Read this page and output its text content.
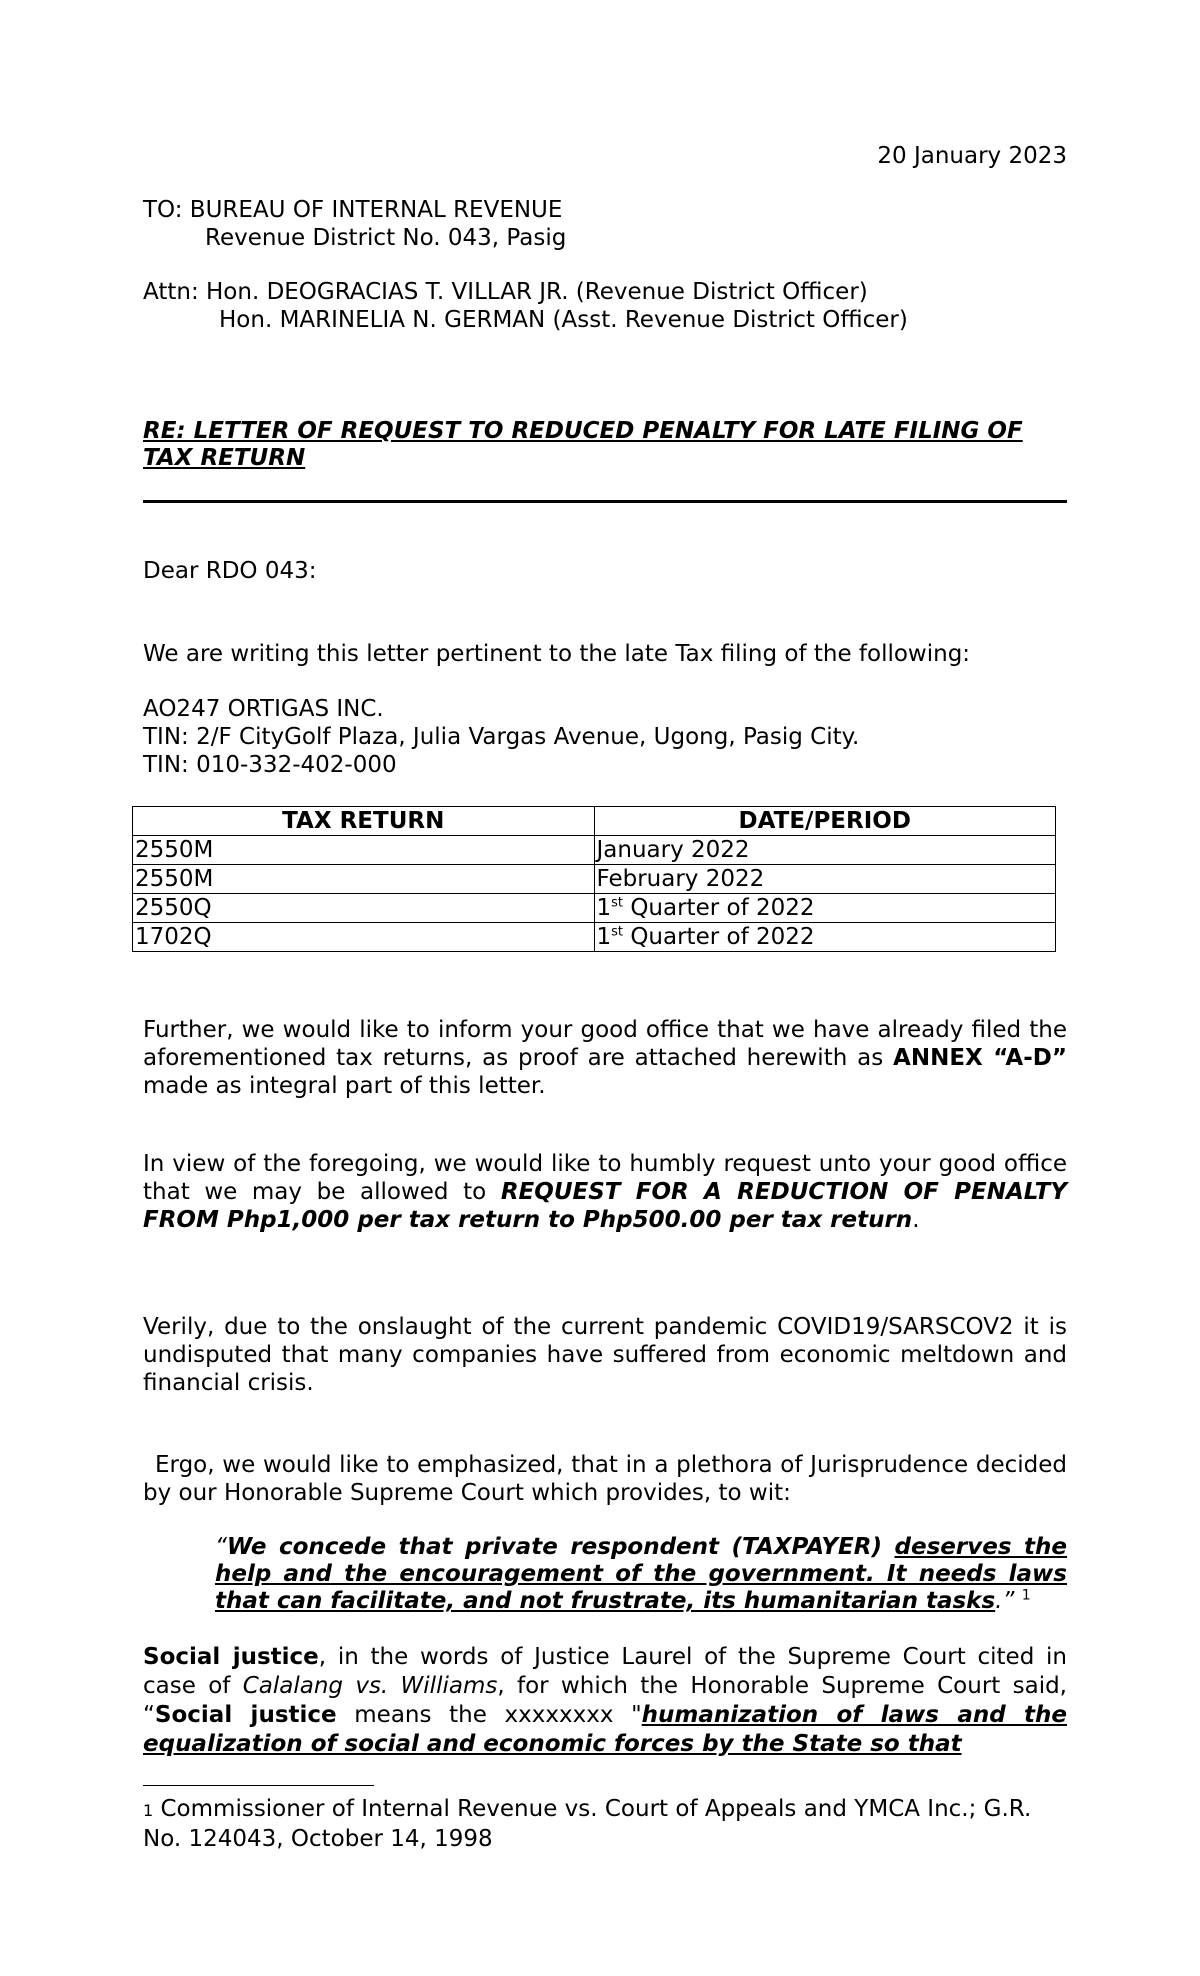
20 January 2023
TO: BUREAU OF INTERNAL REVENUE
Revenue District No. 043, Pasig
Attn: Hon. DEOGRACIAS T. VILLAR JR. (Revenue District Officer)
Hon. MARINELIA N. GERMAN (Asst. Revenue District Officer)
RE: LETTER OF REQUEST TO REDUCED PENALTY FOR LATE FILING OF
TAX RETURN
Dear RDO 043:
We are writing this letter pertinent to the late Tax filing of the following:
AO247 ORTIGAS INC.
TIN: 2/F CityGolf Plaza, Julia Vargas Avenue, Ugong, Pasig City.
TIN: 010-332-402-000
TAX RETURN	DATE/PERIOD
2550M	January 2022
2550M	February 2022
2550Q	1st Quarter of 2022
1702Q	1st Quarter of 2022

Further, we would like to inform your good office that we have already filed the aforementioned tax returns, as proof are attached herewith as ANNEX “A-D” made as integral part of this letter.

In view of the foregoing, we would like to humbly request unto your good office that we may be allowed to REQUEST FOR A REDUCTION OF PENALTY FROM Php1,000 per tax return to Php500.00 per tax return.

Verily, due to the onslaught of the current pandemic COVID19/SARSCOV2 it is undisputed that many companies have suffered from economic meltdown and financial crisis.

Ergo, we would like to emphasized, that in a plethora of Jurisprudence decided by our Honorable Supreme Court which provides, to wit:

“We concede that private respondent (TAXPAYER) deserves the help and the encouragement of the government. It needs laws that can facilitate, and not frustrate, its humanitarian tasks.” $^1$

Social justice, in the words of Justice Laurel of the Supreme Court cited in case of Calalang vs. Williams, for which the Honorable Supreme Court said, “Social justice means the xxxxxxxx "humanization of laws and the equalization of social and economic forces by the State so that

1 Commissioner of Internal Revenue vs. Court of Appeals and YMCA Inc.; G.R. No. 124043, October 14, 1998
